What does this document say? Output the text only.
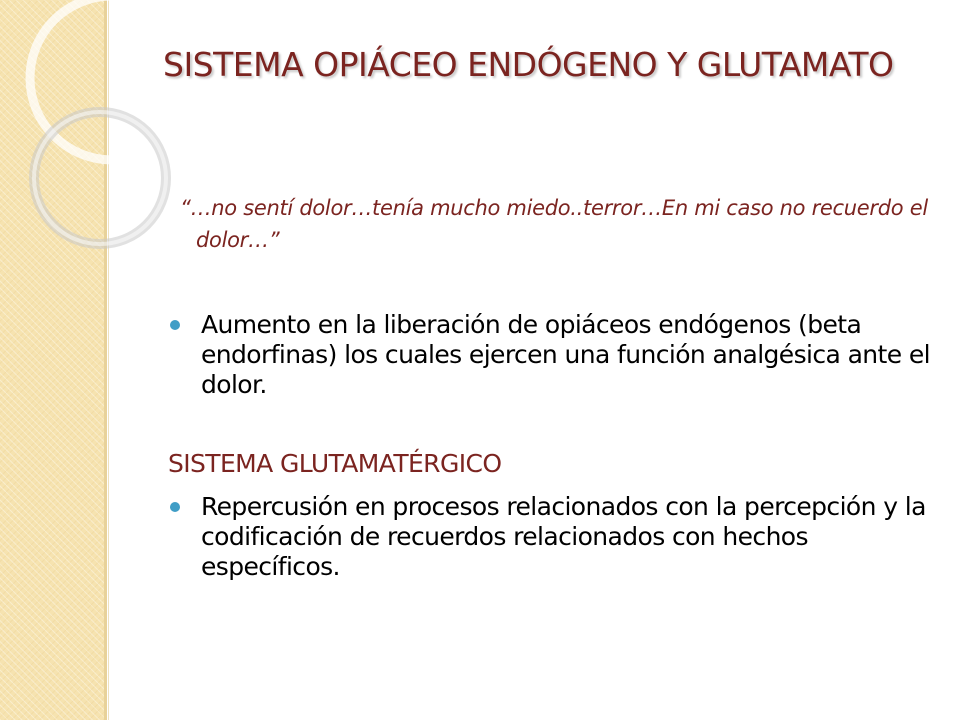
SISTEMA OPIÁCEO ENDÓGENO Y GLUTAMATO

“…no sentí dolor…tenía mucho miedo..terror…En mi caso no recuerdo el dolor…”

Aumento en la liberación de opiáceos endógenos (beta endorfinas) los cuales ejercen una función analgésica ante el dolor.
SISTEMA GLUTAMATÉRGICO
Repercusión en procesos relacionados con la percepción y la codificación de recuerdos relacionados con hechos específicos.
